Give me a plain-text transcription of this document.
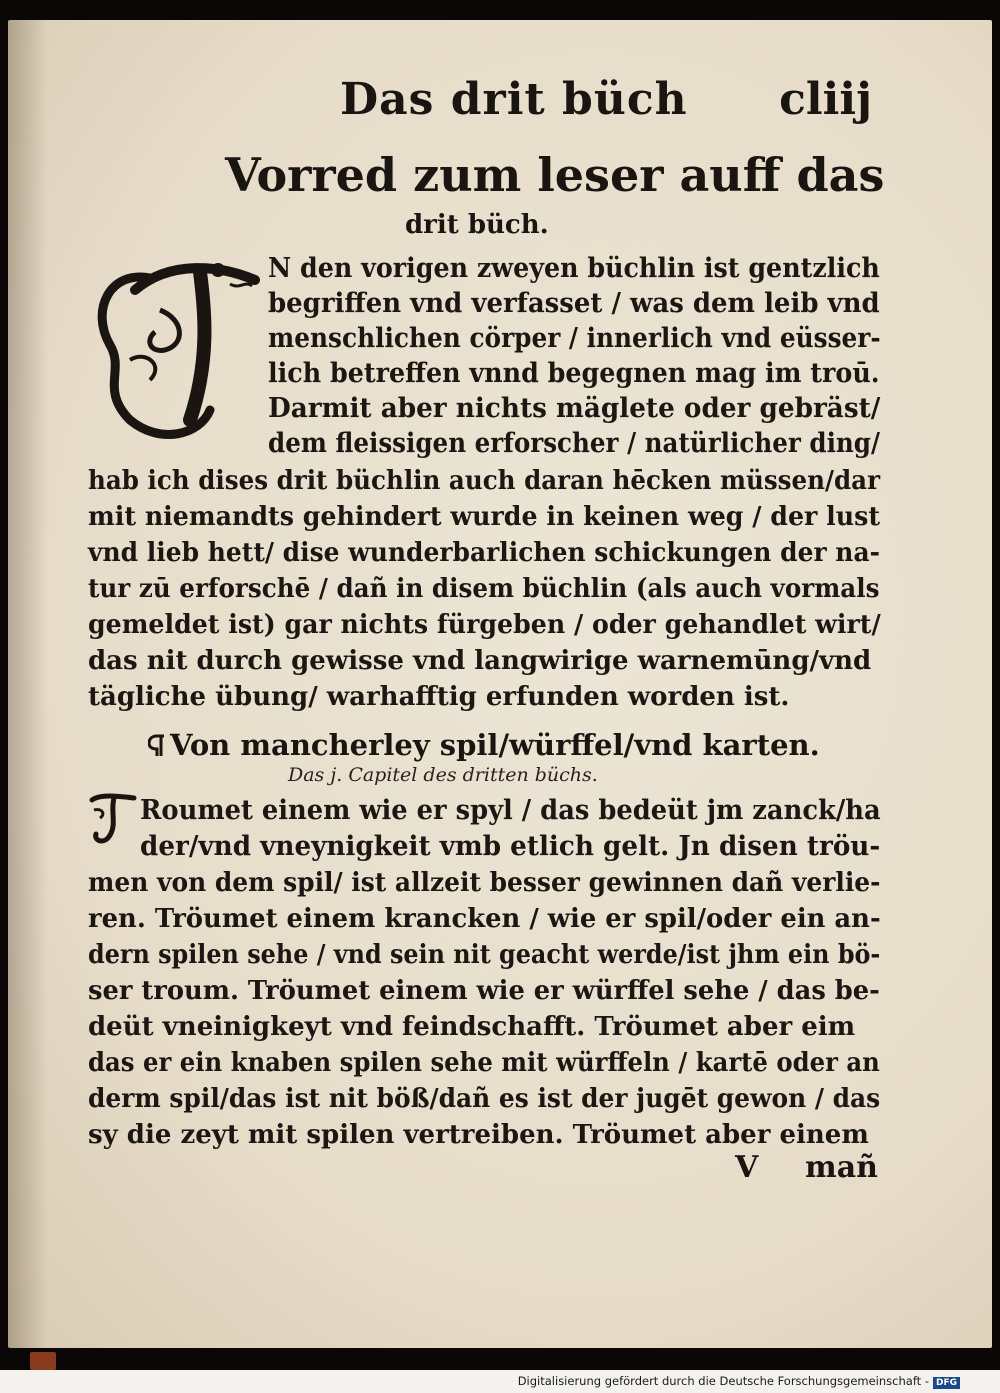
Das drit büch cliij
Vorred zum leser auff das
drit büch.
N den vorigen zweyen büchlin ist gentzlich
begriffen vnd verfasset / was dem leib vnd
menschlichen cörper / innerlich vnd eüsser-
lich betreffen vnnd begegnen mag im troū.
Darmit aber nichts mäglete oder gebräst/
dem fleissigen erforscher / natürlicher ding/
hab ich dises drit büchlin auch daran hēcken müssen/dar
mit niemandts gehindert wurde in keinen weg / der lust
vnd lieb hett/ dise wunderbarlichen schickungen der na-
tur zū erforschē / dañ in disem büchlin (als auch vormals
gemeldet ist) gar nichts fürgeben / oder gehandlet wirt/
das nit durch gewisse vnd langwirige warnemūng/vnd
tägliche übung/ warhafftig erfunden worden ist.
Von mancherley spil/würffel/vnd karten.
Das j. Capitel des dritten büchs.
Roumet einem wie er spyl / das bedeüt jm zanck/ha
der/vnd vneynigkeit vmb etlich gelt. Jn disen tröu-
men von dem spil/ ist allzeit besser gewinnen dañ verlie-
ren. Tröumet einem krancken / wie er spil/oder ein an-
dern spilen sehe / vnd sein nit geacht werde/ist jhm ein bö-
ser troum. Tröumet einem wie er würffel sehe / das be-
deüt vneinigkeyt vnd feindschafft. Tröumet aber eim
das er ein knaben spilen sehe mit würffeln / kartē oder an
derm spil/das ist nit böß/dañ es ist der jugēt gewon / das
sy die zeyt mit spilen vertreiben. Tröumet aber einem
V mañ
Digitalisierung gefördert durch die Deutsche Forschungsgemeinschaft - DFG
